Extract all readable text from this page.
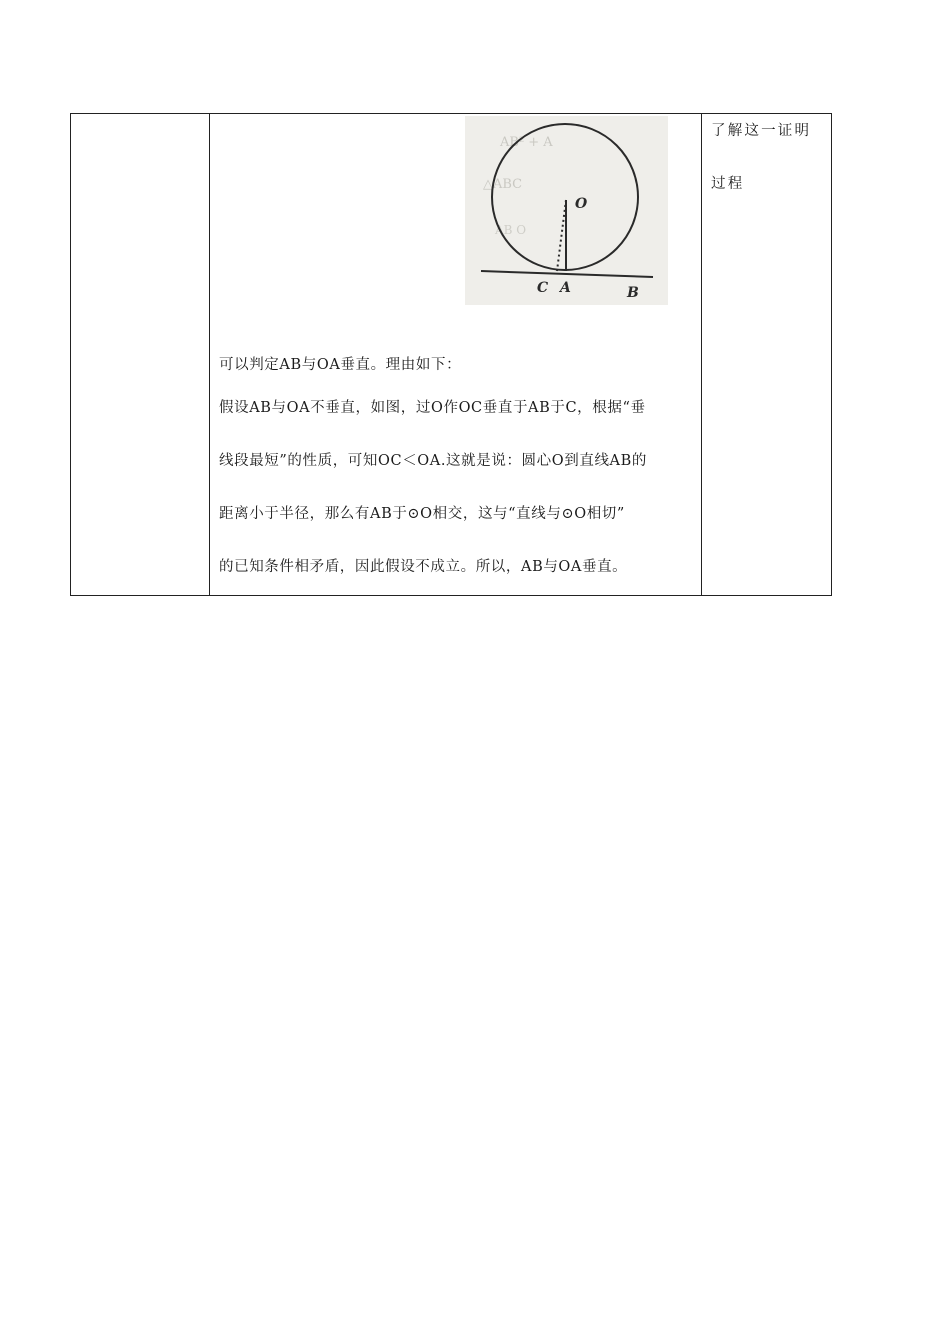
AB² + A
△ABC
AB O
O
C A	B
可以判定AB与OA垂直。理由如下：
假设AB与OA不垂直，如图，过O作OC垂直于AB于C，根据“垂
线段最短”的性质，可知OC＜OA.这就是说：圆心O到直线AB的
距离小于半径，那么有AB于⊙O相交，这与“直线与⊙O相切”
的已知条件相矛盾，因此假设不成立。所以，AB与OA垂直。
了解这一证明
过程
